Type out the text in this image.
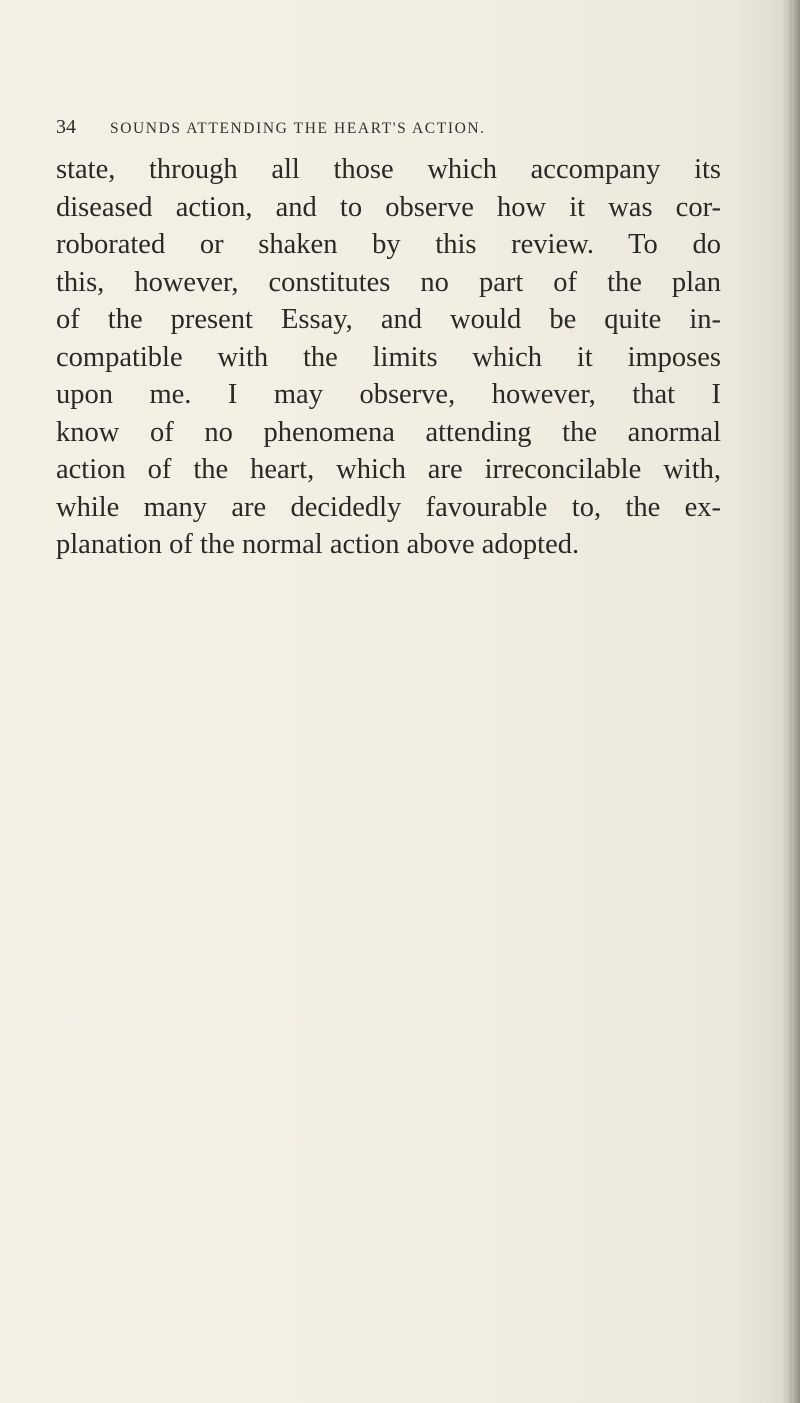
34 SOUNDS ATTENDING THE HEART'S ACTION.
state, through all those which accompany its
diseased action, and to observe how it was cor-
roborated or shaken by this review. To do
this, however, constitutes no part of the plan
of the present Essay, and would be quite in-
compatible with the limits which it imposes
upon me. I may observe, however, that I
know of no phenomena attending the anormal
action of the heart, which are irreconcilable with,
while many are decidedly favourable to, the ex-
planation of the normal action above adopted.
